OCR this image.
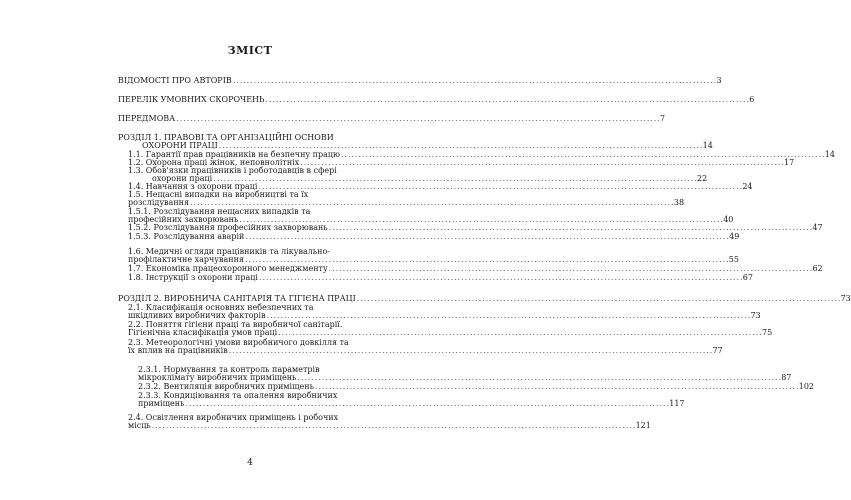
ЗМІСТ
ВІДОМОСТІ ПРО АВТОРІВ . . .	3
ПЕРЕЛІК УМОВНИХ СКОРОЧЕНЬ . . .	6
ПЕРЕДМОВА . . .	7
РОЗДІЛ 1. ПРАВОВІ ТА ОРГАНІЗАЦІЙНІ ОСНОВИ
ОХОРОНИ ПРАЦІ . . .	14
1.1. Гарантії прав працівників на безпечну працю . . .	14
1.2. Охорона праці жінок, неповнолітніх . . .	17
1.3. Обов'язки працівників і роботодавців в сфері
охорони праці . . .	22
1.4. Навчання з охорони праці . . .	24
1.5. Нещасні випадки на виробництві та їх
розслідування . . .	38
1.5.1. Розслідування нещасних випадків та
професійних захворювань . . .	40
1.5.2. Розслідування професійних захворювань . . .	47
1.5.3. Розслідування аварій . . .	49
1.6. Медичні огляди працівників та лікувально-
профілактичне харчування . . .	55
1.7. Економіка працеохоронного менеджменту . . .	62
1.8. Інструкції з охорони праці . . .	67
РОЗДІЛ 2. ВИРОБНИЧА САНІТАРІЯ ТА ГІГІЄНА ПРАЦІ . . .	73
2.1. Класифікація основних небезпечних та
шкідливих виробничих факторів . . .	73
2.2. Поняття гігієни праці та виробничої санітарії.
Гігієнічна класифікація умов праці . . .	75
2.3. Метеорологічні умови виробничого довкілля та
їх вплив на працівників . . .	77
2.3.1. Нормування та контроль параметрів
мікроклімату виробничих приміщень . . .	87
2.3.2. Вентиляція виробничих приміщень . . .	102
2.3.3. Кондиціювання та опалення виробничих
приміщень . . .	117
2.4. Освітлення виробничих приміщень і робочих
місць . . .	121
4
